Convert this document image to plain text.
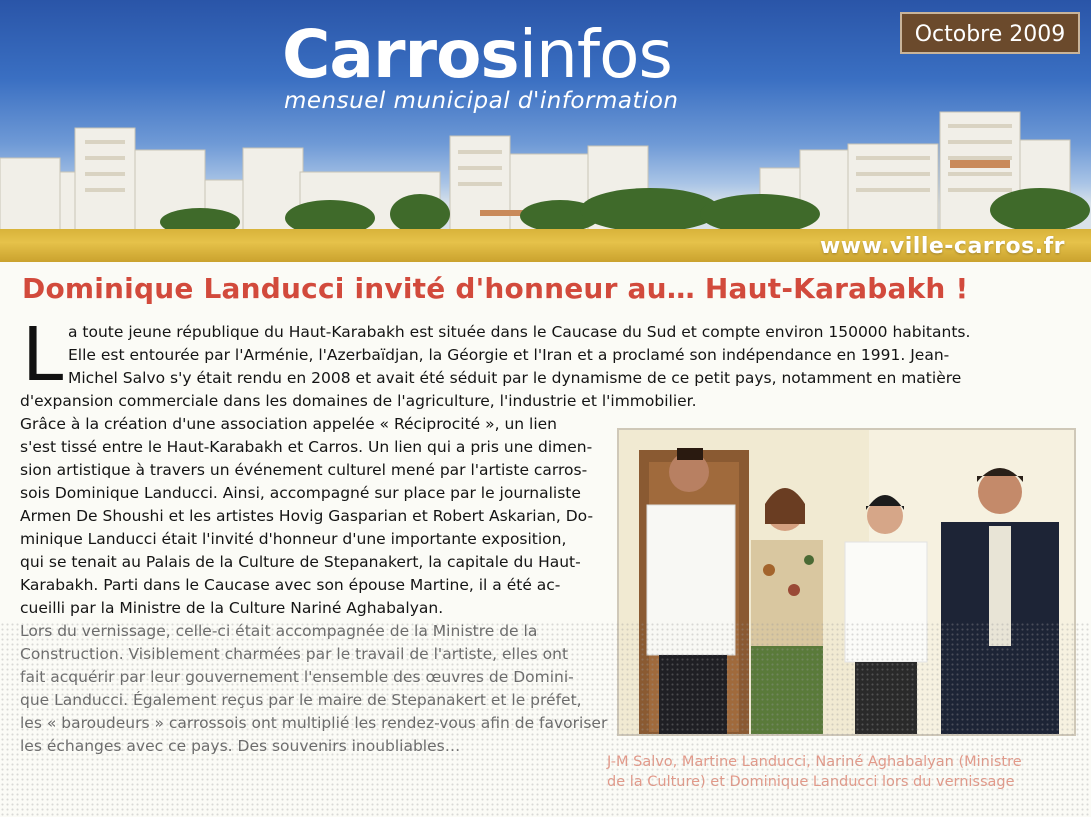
Octobre 2009
Carrosinfos
mensuel municipal d'information
www.ville-carros.fr
Dominique Landucci invité d'honneur au… Haut-Karabakh !
L a toute jeune république du Haut-Karabakh est située dans le Caucase du Sud et compte environ 150000 habitants.
Elle est entourée par l'Arménie, l'Azerbaïdjan, la Géorgie et l'Iran et a proclamé son indépendance en 1991. Jean-
Michel Salvo s'y était rendu en 2008 et avait été séduit par le dynamisme de ce petit pays, notamment en matière
d'expansion commerciale dans les domaines de l'agriculture, l'industrie et l'immobilier.
Grâce à la création d'une association appelée « Réciprocité », un lien
s'est tissé entre le Haut-Karabakh et Carros. Un lien qui a pris une dimen-
sion artistique à travers un événement culturel mené par l'artiste carros-
sois Dominique Landucci. Ainsi, accompagné sur place par le journaliste
Armen De Shoushi et les artistes Hovig Gasparian et Robert Askarian, Do-
minique Landucci était l'invité d'honneur d'une importante exposition,
qui se tenait au Palais de la Culture de Stepanakert, la capitale du Haut-
Karabakh. Parti dans le Caucase avec son épouse Martine, il a été ac-
cueilli par la Ministre de la Culture Nariné Aghabalyan.
Lors du vernissage, celle-ci était accompagnée de la Ministre de la
Construction. Visiblement charmées par le travail de l'artiste, elles ont
fait acquérir par leur gouvernement l'ensemble des œuvres de Domini-
que Landucci. Également reçus par le maire de Stepanakert et le préfet,
les « baroudeurs » carrossois ont multiplié les rendez-vous afin de favoriser
les échanges avec ce pays. Des souvenirs inoubliables…
J-M Salvo, Martine Landucci, Nariné Aghabalyan (Ministre
de la Culture) et Dominique Landucci lors du vernissage
